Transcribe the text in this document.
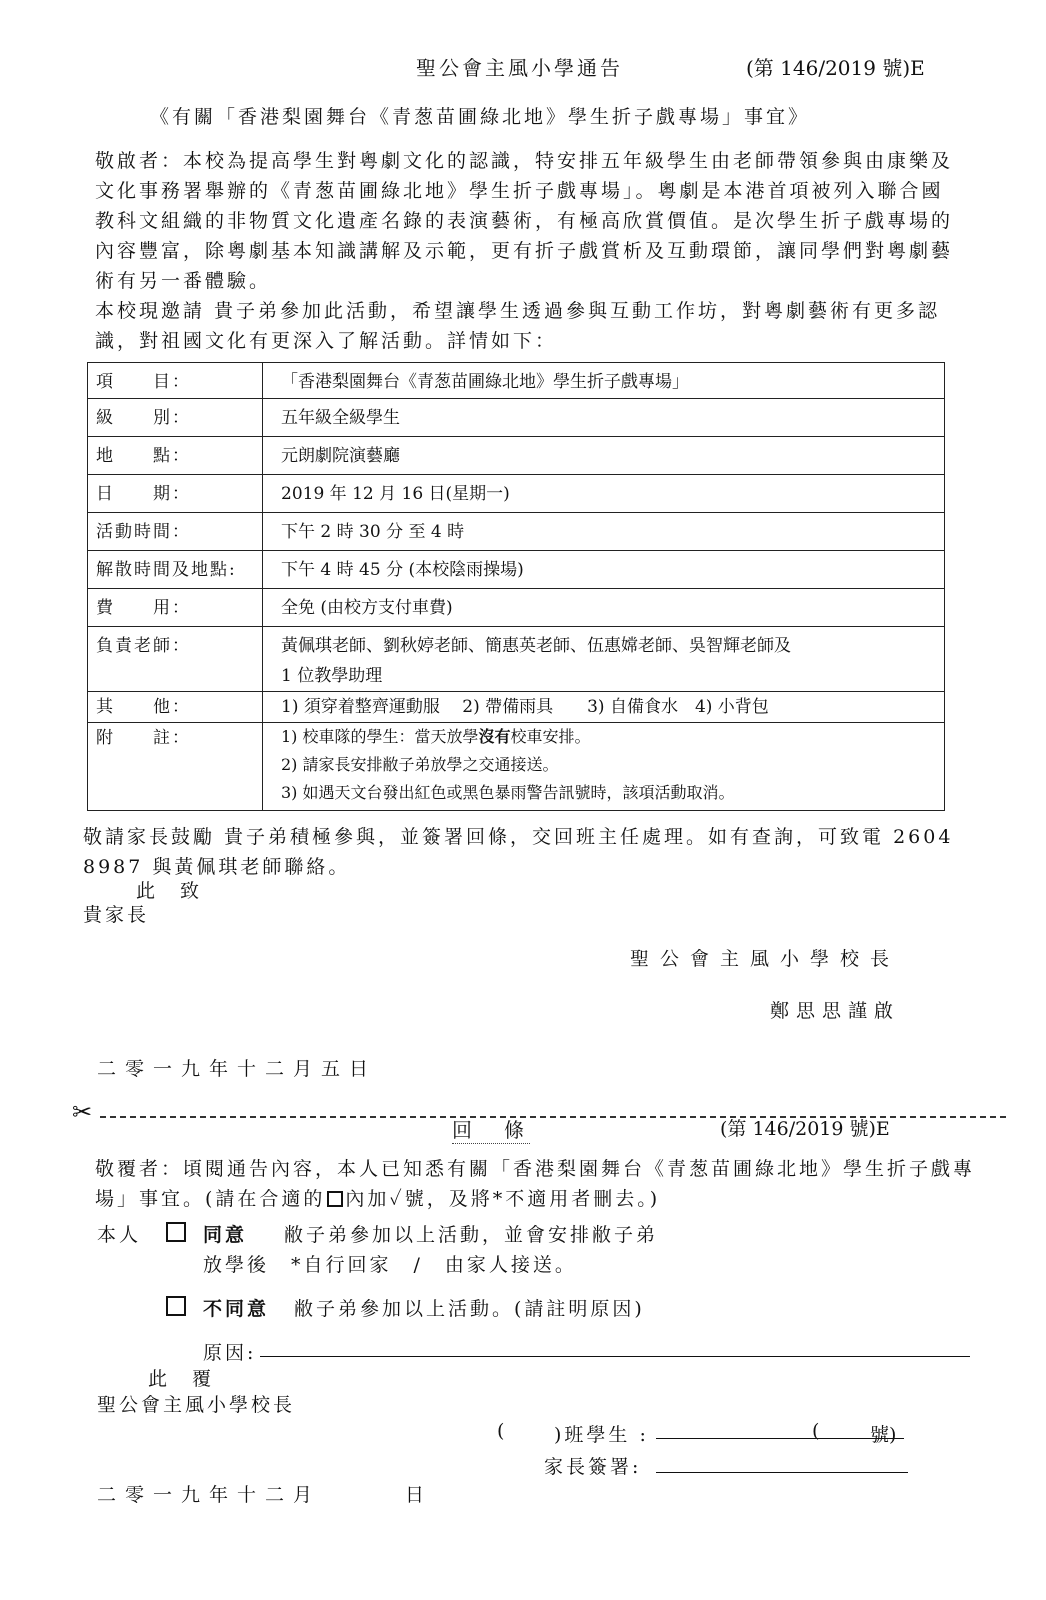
聖公會主風小學通告	(第 146/2019 號)E
《有關「香港梨園舞台《青葱苗圃綠北地》學生折子戲專場」事宜》
敬啟者：本校為提高學生對粵劇文化的認識，特安排五年級學生由老師帶領參與由康樂及文化事務署舉辦的《青葱苗圃綠北地》學生折子戲專場」。粵劇是本港首項被列入聯合國教科文組織的非物質文化遺產名錄的表演藝術，有極高欣賞價值。是次學生折子戲專場的內容豐富，除粵劇基本知識講解及示範，更有折子戲賞析及互動環節，讓同學們對粵劇藝術有另一番體驗。
本校現邀請 貴子弟參加此活動，希望讓學生透過參與互動工作坊，對粵劇藝術有更多認識，對祖國文化有更深入了解活動。詳情如下：
項　　目：	「香港梨園舞台《青葱苗圃綠北地》學生折子戲專場」

級　　別：	五年級全級學生

地　　點：	元朗劇院演藝廳

日　　期：	2019 年 12 月 16 日(星期一)

活動時間：	下午 2 時 30 分 至 4 時

解散時間及地點:	下午 4 時 45 分 (本校陰雨操場)

費　　用：	全免 (由校方支付車費)

負責老師：	黃佩琪老師、劉秋婷老師、簡惠英老師、伍惠嫦老師、吳智輝老師及
1 位教學助理

其　　他：	1) 須穿着整齊運動服　 2) 帶備雨具　　3) 自備食水　4) 小背包

附　　註：	1) 校車隊的學生：當天放學沒有校車安排。
2) 請家長安排敝子弟放學之交通接送。
3) 如遇天文台發出紅色或黑色暴雨警告訊號時，該項活動取消。
敬請家長鼓勵 貴子弟積極參與，並簽署回條，交回班主任處理。如有查詢，可致電 2604 8987 與黃佩琪老師聯絡。
此　致
貴家長
聖公會主風小學校長
鄭思思謹啟
二零一九年十二月五日
✂
回　條	(第 146/2019 號)E
敬覆者：頃閱通告內容，本人已知悉有關「香港梨園舞台《青葱苗圃綠北地》學生折子戲專場」事宜。(請在合適的 內加✓號，及將*不適用者刪去。)
本人	同意 敝子弟參加以上活動，並會安排敝子弟
放學後　*自行回家　/　由家人接送。
不同意 敝子弟參加以上活動。(請註明原因)
原因:
此　覆
聖公會主風小學校長
(	)班學生 :	(	號)
家長簽署:
二零一九年十二月　　　日
